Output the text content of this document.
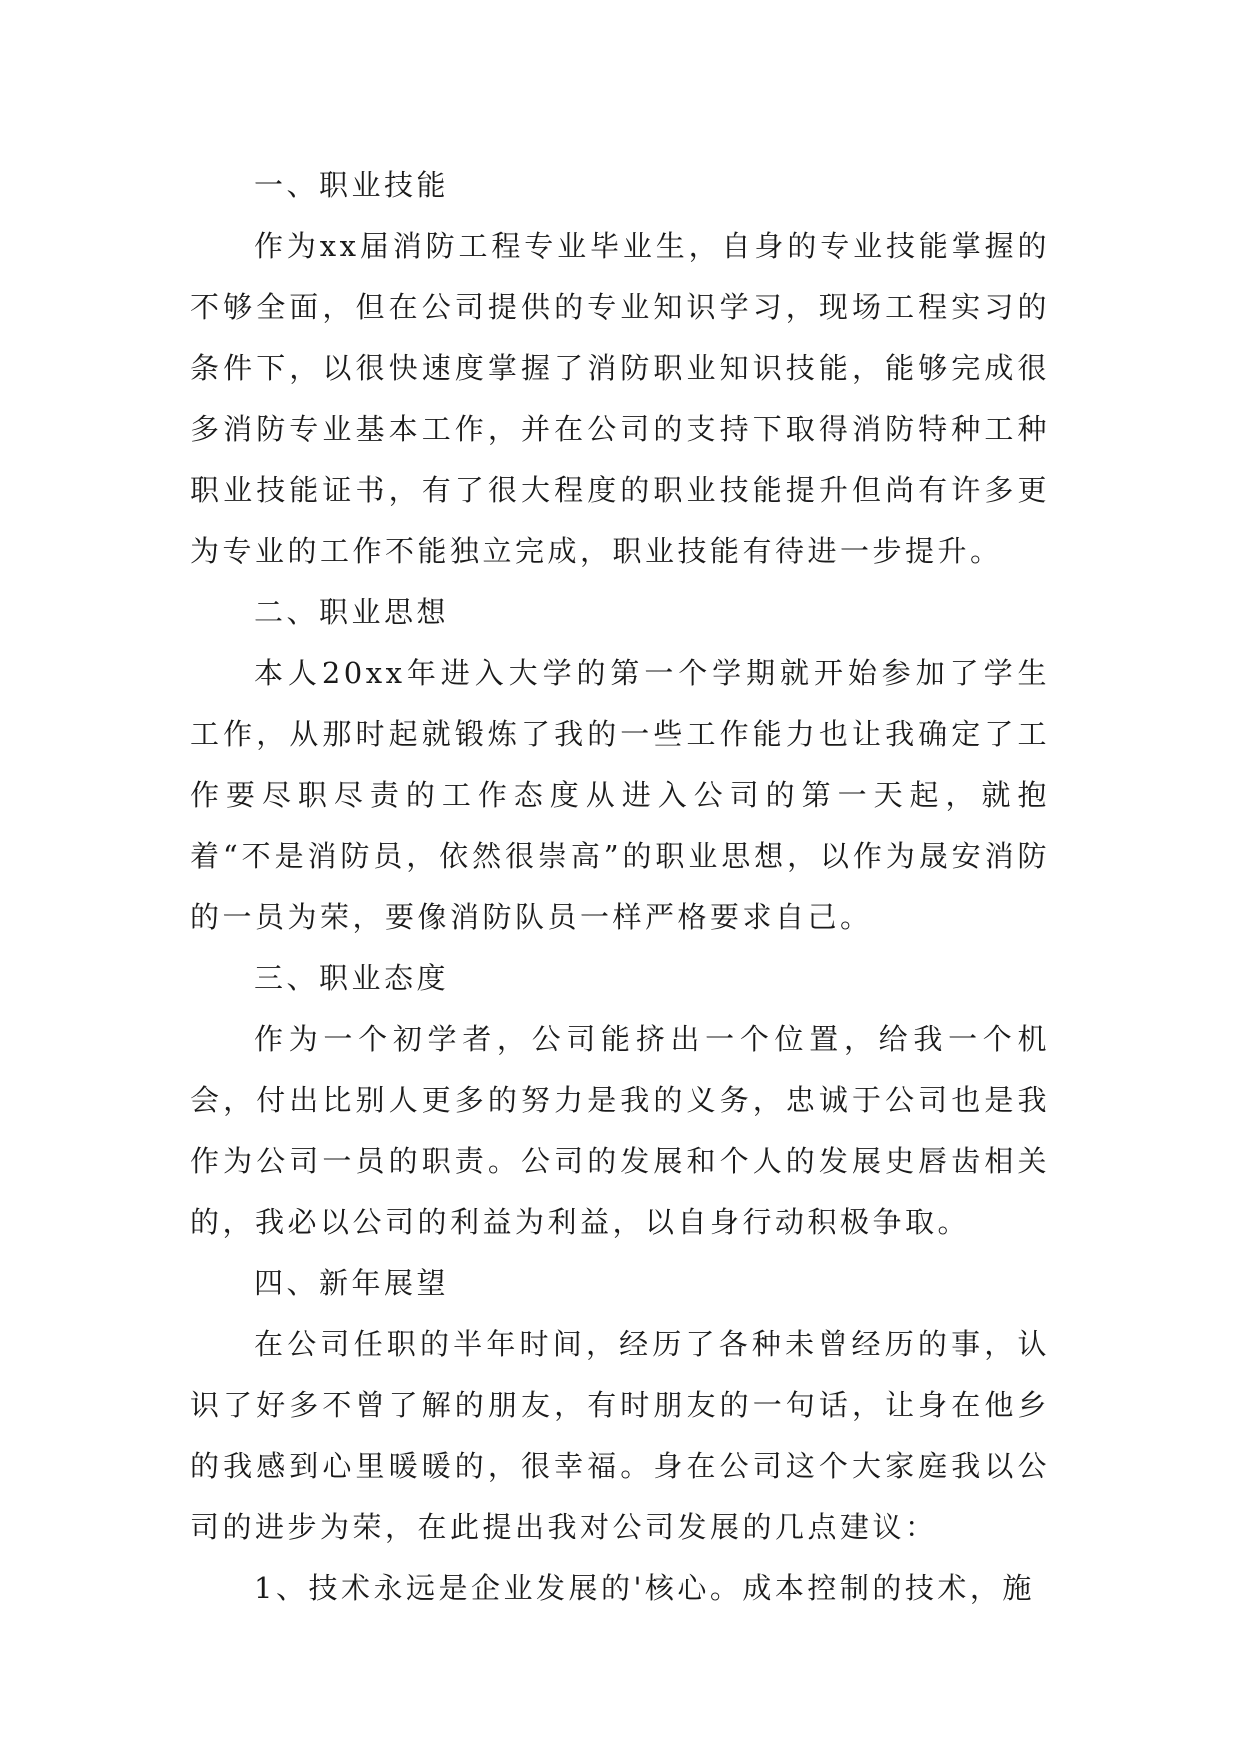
一、职业技能

作为xx届消防工程专业毕业生，自身的专业技能掌握的不够全面，但在公司提供的专业知识学习，现场工程实习的条件下，以很快速度掌握了消防职业知识技能，能够完成很多消防专业基本工作，并在公司的支持下取得消防特种工种职业技能证书，有了很大程度的职业技能提升但尚有许多更为专业的工作不能独立完成，职业技能有待进一步提升。

二、职业思想

本人20xx年进入大学的第一个学期就开始参加了学生工作，从那时起就锻炼了我的一些工作能力也让我确定了工作要尽职尽责的工作态度从进入公司的第一天起，就抱着“不是消防员，依然很崇高”的职业思想，以作为晟安消防的一员为荣，要像消防队员一样严格要求自己。

三、职业态度

作为一个初学者，公司能挤出一个位置，给我一个机会，付出比别人更多的努力是我的义务，忠诚于公司也是我作为公司一员的职责。公司的发展和个人的发展史唇齿相关的，我必以公司的利益为利益，以自身行动积极争取。

四、新年展望

在公司任职的半年时间，经历了各种未曾经历的事，认识了好多不曾了解的朋友，有时朋友的一句话，让身在他乡的我感到心里暖暖的，很幸福。身在公司这个大家庭我以公司的进步为荣，在此提出我对公司发展的几点建议：

1、技术永远是企业发展的'核心。成本控制的技术，施
